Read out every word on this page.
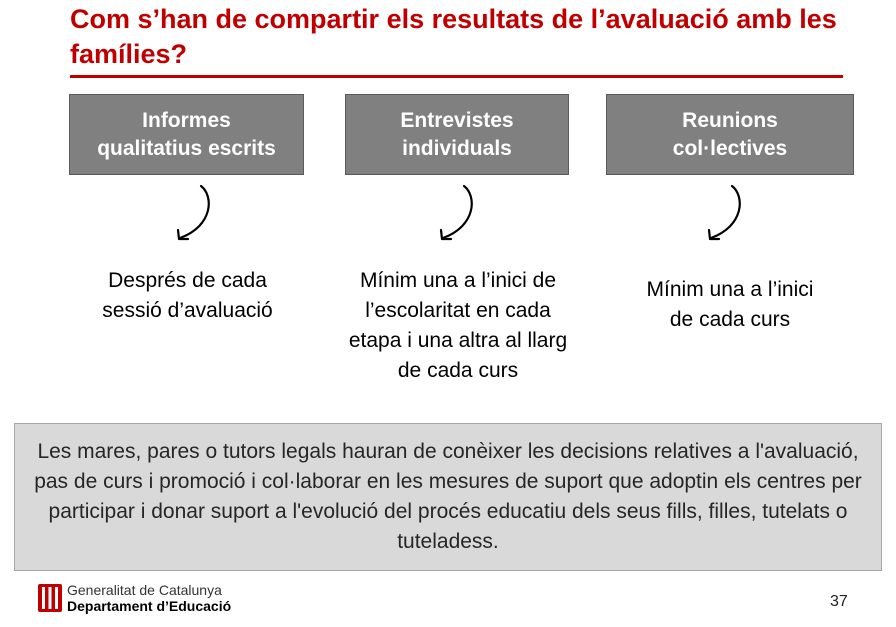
Com s’han de compartir els resultats de l’avaluació amb les famílies?
Informes
qualitatius escrits
Entrevistes
individuals
Reunions
col·lectives
Després de cada
sessió d’avaluació
Mínim una a l’inici de
l’escolaritat en cada
etapa i una altra al llarg
de cada curs
Mínim una a l’inici
de cada curs
Les mares, pares o tutors legals hauran de conèixer les decisions relatives a l'avaluació, pas de curs i promoció i col·laborar en les mesures de suport que adoptin els centres per participar i donar suport a l'evolució del procés educatiu dels seus fills, filles, tutelats o tuteladess.
Generalitat de Catalunya
Departament d’Educació	37
